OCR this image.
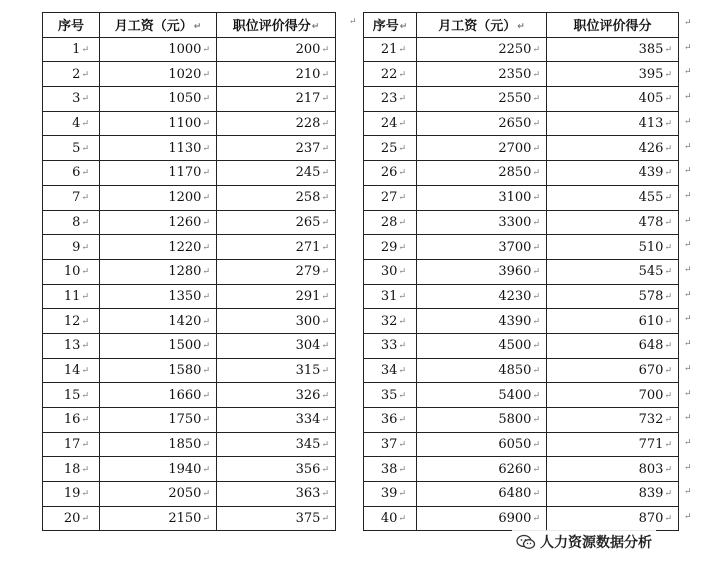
序号	月工资（元）↵	职位评价得分↵
1↵	1000↵	200↵
2↵	1020↵	210↵
3↵	1050↵	217↵
4↵	1100↵	228↵
5↵	1130↵	237↵
6↵	1170↵	245↵
7↵	1200↵	258↵
8↵	1260↵	265↵
9↵	1220↵	271↵
10↵	1280↵	279↵
11↵	1350↵	291↵
12↵	1420↵	300↵
13↵	1500↵	304↵
14↵	1580↵	315↵
15↵	1660↵	326↵
16↵	1750↵	334↵
17↵	1850↵	345↵
18↵	1940↵	356↵
19↵	2050↵	363↵
20↵	2150↵	375↵
↵ 序号↵	月工资（元）↵	职位评价得分
21↵	2250↵	385↵
22↵	2350↵	395↵
23↵	2550↵	405↵
24↵	2650↵	413↵
25↵	2700↵	426↵
26↵	2850↵	439↵
27↵	3100↵	455↵
28↵	3300↵	478↵
29↵	3700↵	510↵
30↵	3960↵	545↵
31↵	4230↵	578↵
32↵	4390↵	610↵
33↵	4500↵	648↵
34↵	4850↵	670↵
35↵	5400↵	700↵
36↵	5800↵	732↵
37↵	6050↵	771↵
38↵	6260↵	803↵
39↵	6480↵	839↵
40↵	6900↵	870↵
人力资源数据分析
↵
↵
↵
↵
↵
↵
↵
↵
↵
↵
↵
↵
↵
↵
↵
↵
↵
↵
↵
↵
↵
